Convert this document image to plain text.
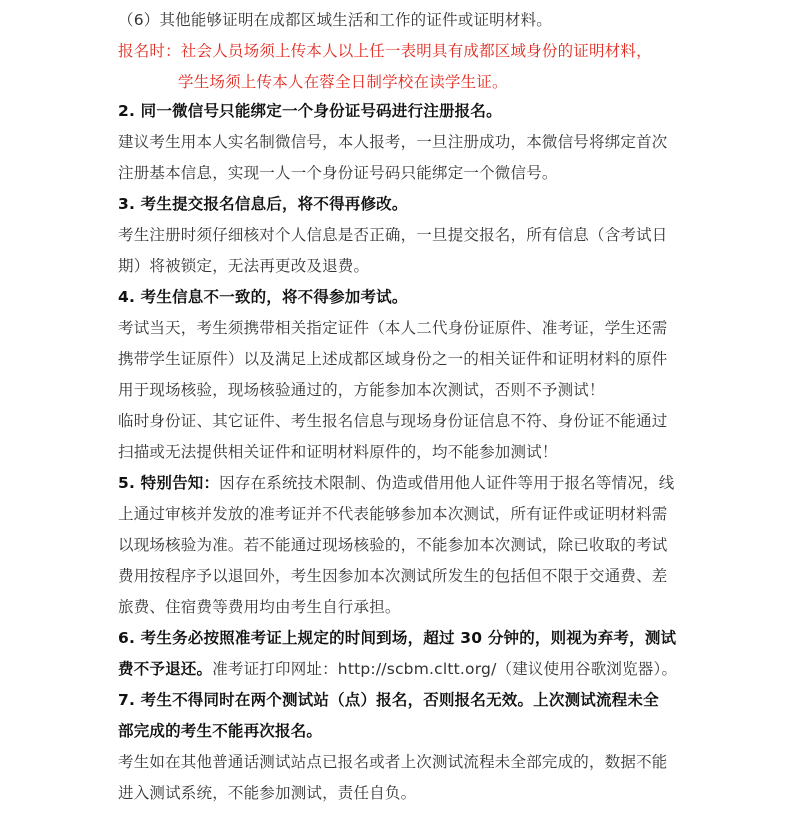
（6）其他能够证明在成都区域生活和工作的证件或证明材料。
报名时：社会人员场须上传本人以上任一表明具有成都区域身份的证明材料，
学生场须上传本人在蓉全日制学校在读学生证。
2. 同一微信号只能绑定一个身份证号码进行注册报名。
建议考生用本人实名制微信号，本人报考，一旦注册成功，本微信号将绑定首次
注册基本信息，实现一人一个身份证号码只能绑定一个微信号。
3. 考生提交报名信息后，将不得再修改。
考生注册时须仔细核对个人信息是否正确，一旦提交报名，所有信息（含考试日
期）将被锁定，无法再更改及退费。
4. 考生信息不一致的，将不得参加考试。
考试当天，考生须携带相关指定证件（本人二代身份证原件、准考证，学生还需
携带学生证原件）以及满足上述成都区域身份之一的相关证件和证明材料的原件
用于现场核验，现场核验通过的，方能参加本次测试，否则不予测试！
临时身份证、其它证件、考生报名信息与现场身份证信息不符、身份证不能通过
扫描或无法提供相关证件和证明材料原件的，均不能参加测试！
5. 特别告知：因存在系统技术限制、伪造或借用他人证件等用于报名等情况，线
上通过审核并发放的准考证并不代表能够参加本次测试，所有证件或证明材料需
以现场核验为准。若不能通过现场核验的，不能参加本次测试，除已收取的考试
费用按程序予以退回外，考生因参加本次测试所发生的包括但不限于交通费、差
旅费、住宿费等费用均由考生自行承担。
6. 考生务必按照准考证上规定的时间到场，超过 30 分钟的，则视为弃考，测试
费不予退还。准考证打印网址：http://scbm.cltt.org/（建议使用谷歌浏览器）。
7. 考生不得同时在两个测试站（点）报名，否则报名无效。上次测试流程未全
部完成的考生不能再次报名。
考生如在其他普通话测试站点已报名或者上次测试流程未全部完成的，数据不能
进入测试系统，不能参加测试，责任自负。
